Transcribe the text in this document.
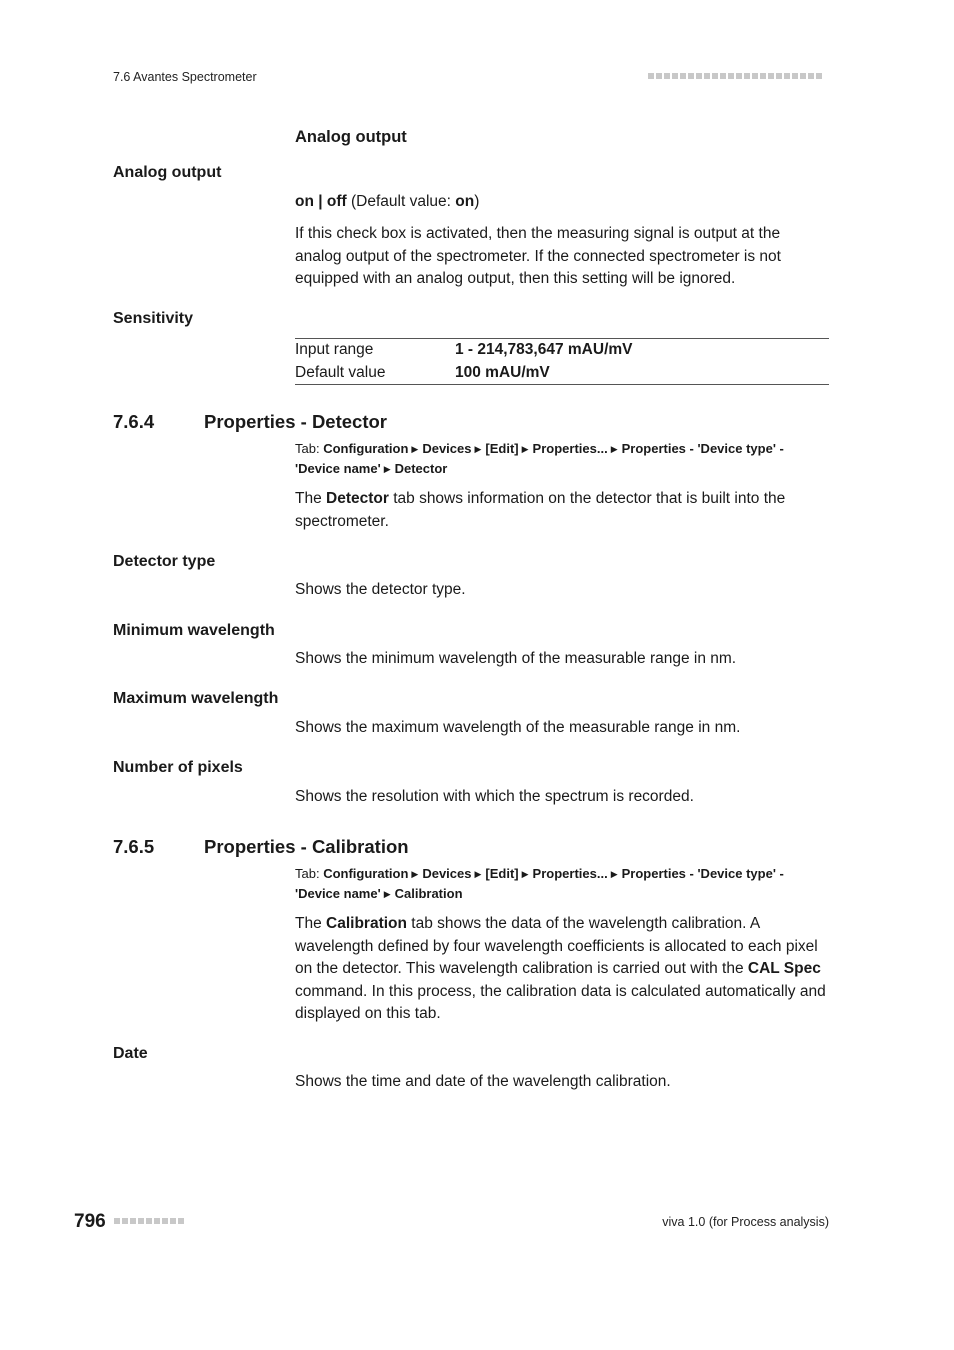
7.6 Avantes Spectrometer
Analog output
Analog output
on | off (Default value: on)
If this check box is activated, then the measuring signal is output at the analog output of the spectrometer. If the connected spectrometer is not equipped with an analog output, then this setting will be ignored.
Sensitivity
Input range	1 - 214,783,647 mAU/mV
Default value	100 mAU/mV
7.6.4	Properties - Detector
Tab: Configuration ▶ Devices ▶ [Edit] ▶ Properties... ▶ Properties - 'Device type' - 'Device name' ▶ Detector
The Detector tab shows information on the detector that is built into the spectrometer.
Detector type
Shows the detector type.
Minimum wavelength
Shows the minimum wavelength of the measurable range in nm.
Maximum wavelength
Shows the maximum wavelength of the measurable range in nm.
Number of pixels
Shows the resolution with which the spectrum is recorded.
7.6.5	Properties - Calibration
Tab: Configuration ▶ Devices ▶ [Edit] ▶ Properties... ▶ Properties - 'Device type' - 'Device name' ▶ Calibration
The Calibration tab shows the data of the wavelength calibration. A wavelength defined by four wavelength coefficients is allocated to each pixel on the detector. This wavelength calibration is carried out with the CAL Spec command. In this process, the calibration data is calculated automatically and displayed on this tab.
Date
Shows the time and date of the wavelength calibration.
796	viva 1.0 (for Process analysis)
